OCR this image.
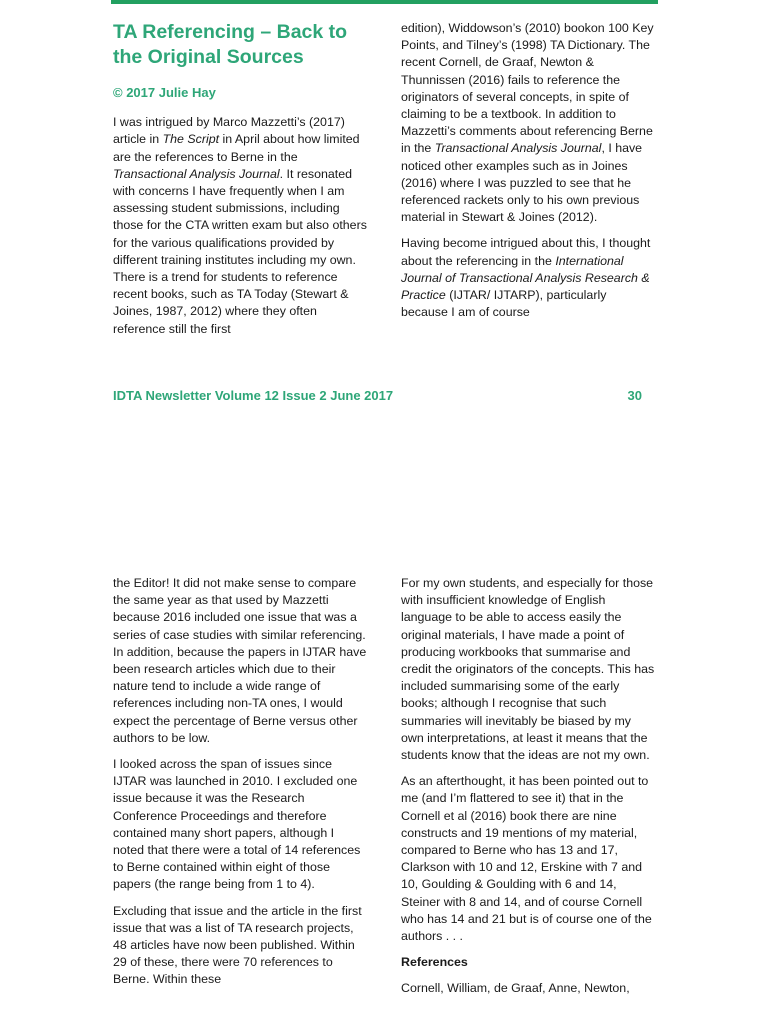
TA Referencing – Back to the Original Sources
© 2017 Julie Hay

I was intrigued by Marco Mazzetti’s (2017) article in The Script in April about how limited are the references to Berne in the Transactional Analysis Journal. It resonated with concerns I have frequently when I am assessing student submissions, including those for the CTA written exam but also others for the various qualifications provided by different training institutes including my own. There is a trend for students to reference recent books, such as TA Today (Stewart & Joines, 1987, 2012) where they often reference still the first

edition), Widdowson’s (2010) bookon 100 Key Points, and Tilney’s (1998) TA Dictionary. The recent Cornell, de Graaf, Newton & Thunnissen (2016) fails to reference the originators of several concepts, in spite of claiming to be a textbook. In addition to Mazzetti’s comments about referencing Berne in the Transactional Analysis Journal, I have noticed other examples such as in Joines (2016) where I was puzzled to see that he referenced rackets only to his own previous material in Stewart & Joines (2012).

Having become intrigued about this, I thought about the referencing in the International Journal of Transactional Analysis Research & Practice (IJTAR/ IJTARP), particularly because I am of course

IDTA Newsletter Volume 12 Issue 2 June 2017	30

the Editor! It did not make sense to compare the same year as that used by Mazzetti because 2016 included one issue that was a series of case studies with similar referencing. In addition, because the papers in IJTAR have been research articles which due to their nature tend to include a wide range of references including non-TA ones, I would expect the percentage of Berne versus other authors to be low.

I looked across the span of issues since IJTAR was launched in 2010. I excluded one issue because it was the Research Conference Proceedings and therefore contained many short papers, although I noted that there were a total of 14 references to Berne contained within eight of those papers (the range being from 1 to 4).

Excluding that issue and the article in the first issue that was a list of TA research projects, 48 articles have now been published. Within 29 of these, there were 70 references to Berne. Within these

For my own students, and especially for those with insufficient knowledge of English language to be able to access easily the original materials, I have made a point of producing workbooks that summarise and credit the originators of the concepts. This has included summarising some of the early books; although I recognise that such summaries will inevitably be biased by my own interpretations, at least it means that the students know that the ideas are not my own.

As an afterthought, it has been pointed out to me (and I’m flattered to see it) that in the Cornell et al (2016) book there are nine constructs and 19 mentions of my material, compared to Berne who has 13 and 17, Clarkson with 10 and 12, Erskine with 7 and 10, Goulding & Goulding with 6 and 14, Steiner with 8 and 14, and of course Cornell who has 14 and 21 but is of course one of the authors . . .

References

Cornell, William, de Graaf, Anne, Newton,
